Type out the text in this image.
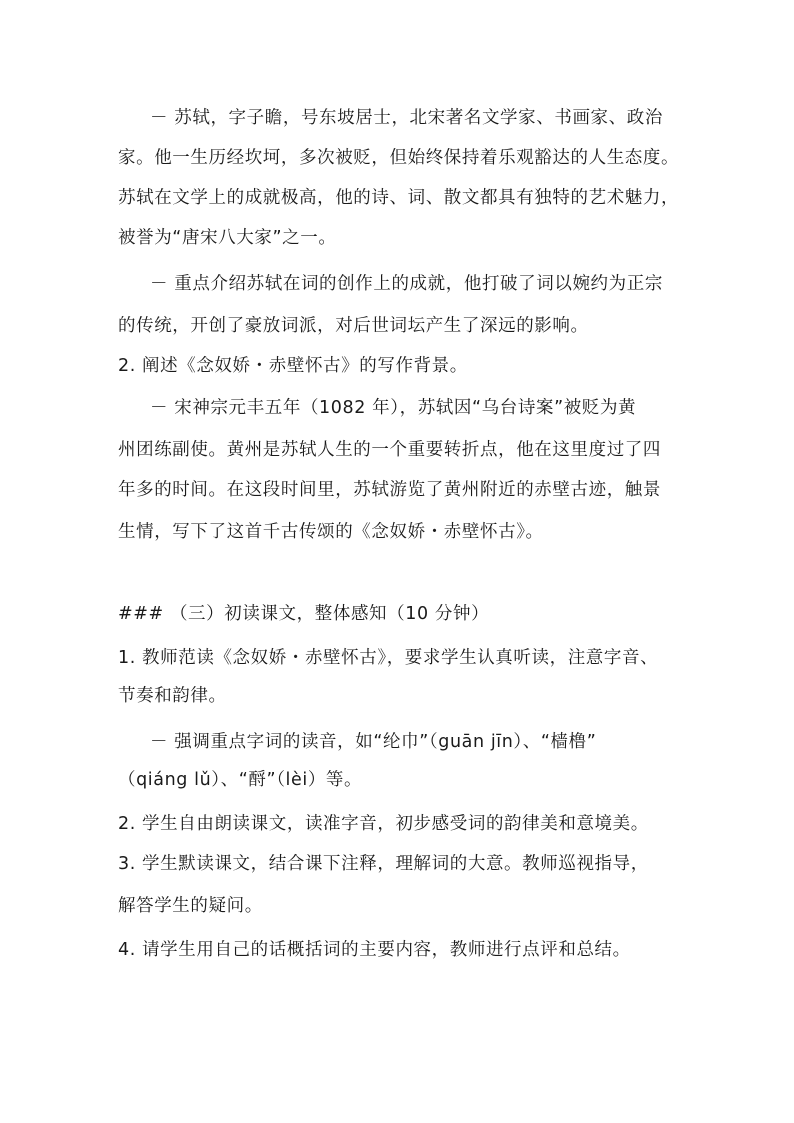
－ 苏轼，字子瞻，号东坡居士，北宋著名文学家、书画家、政治
家。他一生历经坎坷，多次被贬，但始终保持着乐观豁达的人生态度。
苏轼在文学上的成就极高，他的诗、词、散文都具有独特的艺术魅力，
被誉为“唐宋八大家”之一。
－ 重点介绍苏轼在词的创作上的成就，他打破了词以婉约为正宗
的传统，开创了豪放词派，对后世词坛产生了深远的影响。
2. 阐述《念奴娇・赤壁怀古》的写作背景。
－ 宋神宗元丰五年（1082 年），苏轼因“乌台诗案”被贬为黄
州团练副使。黄州是苏轼人生的一个重要转折点，他在这里度过了四
年多的时间。在这段时间里，苏轼游览了黄州附近的赤壁古迹，触景
生情，写下了这首千古传颂的《念奴娇・赤壁怀古》。
### （三）初读课文，整体感知（10 分钟）
1. 教师范读《念奴娇・赤壁怀古》，要求学生认真听读，注意字音、
节奏和韵律。
－ 强调重点字词的读音，如“纶巾”（guān jīn）、“樯橹”
（qiáng lǔ）、“酹”（lèi）等。
2. 学生自由朗读课文，读准字音，初步感受词的韵律美和意境美。
3. 学生默读课文，结合课下注释，理解词的大意。教师巡视指导，
解答学生的疑问。
4. 请学生用自己的话概括词的主要内容，教师进行点评和总结。
